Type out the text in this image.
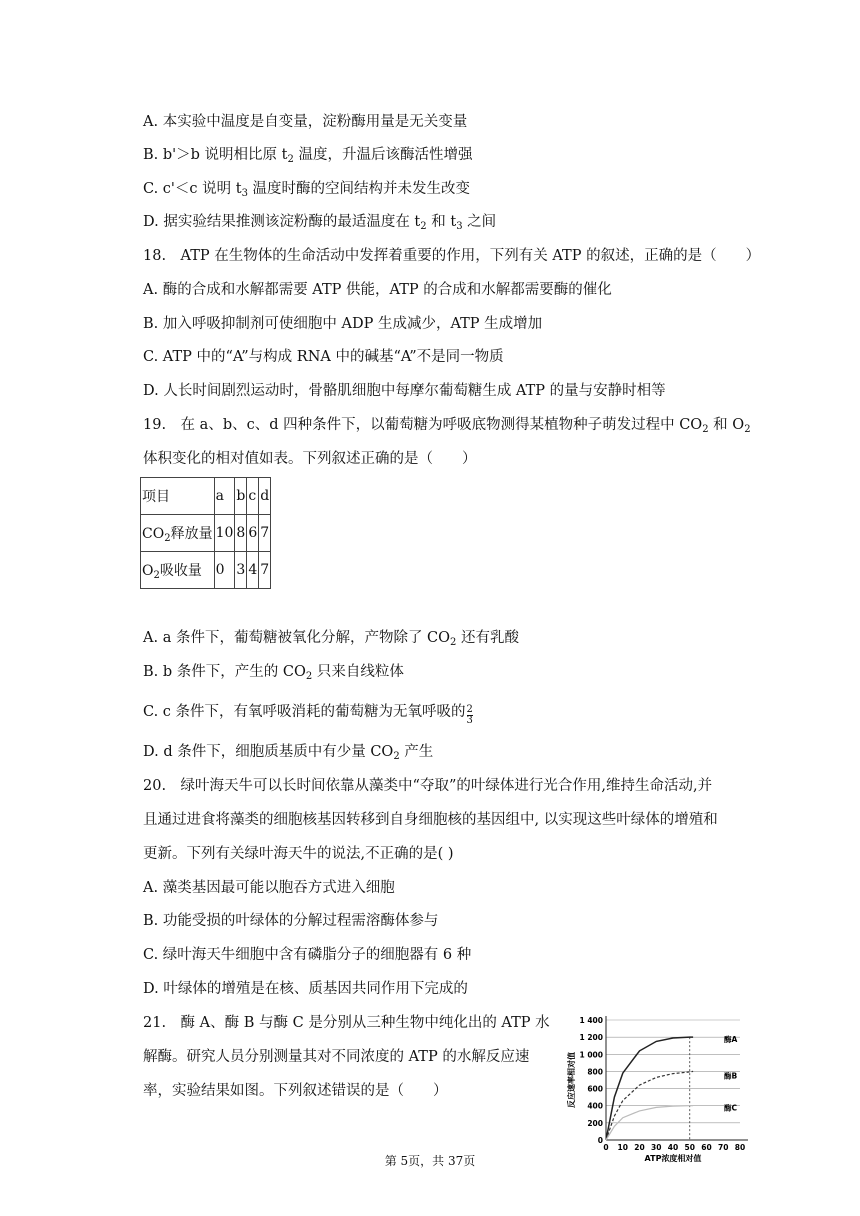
A. 本实验中温度是自变量，淀粉酶用量是无关变量
B. b'＞b 说明相比原 $t_2$ 温度，升温后该酶活性增强
C. c'＜c 说明 $t_3$ 温度时酶的空间结构并未发生改变
D. 据实验结果推测该淀粉酶的最适温度在 $t_2$ 和 $t_3$ 之间
18.　ATP 在生物体的生命活动中发挥着重要的作用，下列有关 ATP 的叙述，正确的是（　　）
A. 酶的合成和水解都需要 ATP 供能，ATP 的合成和水解都需要酶的催化
B. 加入呼吸抑制剂可使细胞中 ADP 生成减少，ATP 生成增加
C. ATP 中的“A”与构成 RNA 中的碱基“A”不是同一物质
D. 人长时间剧烈运动时，骨骼肌细胞中每摩尔葡萄糖生成 ATP 的量与安静时相等
19.　在 a、b、c、d 四种条件下，以葡萄糖为呼吸底物测得某植物种子萌发过程中 $CO_2$ 和 $O_2$
体积变化的相对值如表。下列叙述正确的是（　　）
项目	a	b	c	d
$CO_2$释放量	10	8	6	7
$O_2$吸收量	0	3	4	7
A. a 条件下，葡萄糖被氧化分解，产物除了 $CO_2$ 还有乳酸
B. b 条件下，产生的 $CO_2$ 只来自线粒体
C. c 条件下，有氧呼吸消耗的葡萄糖为无氧呼吸的 $\frac{2}{3}$
D. d 条件下，细胞质基质中有少量 $CO_2$ 产生
20.　绿叶海天牛可以长时间依靠从藻类中“夺取”的叶绿体进行光合作用,维持生命活动,并
且通过进食将藻类的细胞核基因转移到自身细胞核的基因组中, 以实现这些叶绿体的增殖和
更新。下列有关绿叶海天牛的说法,不正确的是( )
A. 藻类基因最可能以胞吞方式进入细胞
B. 功能受损的叶绿体的分解过程需溶酶体参与
C. 绿叶海天牛细胞中含有磷脂分子的细胞器有 6 种
D. 叶绿体的增殖是在核、质基因共同作用下完成的
21.　酶 A、酶 B 与酶 C 是分别从三种生物中纯化出的 ATP 水
解酶。研究人员分别测量其对不同浓度的 ATP 的水解反应速
率，实验结果如图。下列叙述错误的是（　　）
0
200
400
600
800
1 000
1 200
1 400
0 10 20 30 40 50 60 70 80
ATP浓度相对值
反应速率相对值
酶A
酶B
酶C
第 5页，共 37页
